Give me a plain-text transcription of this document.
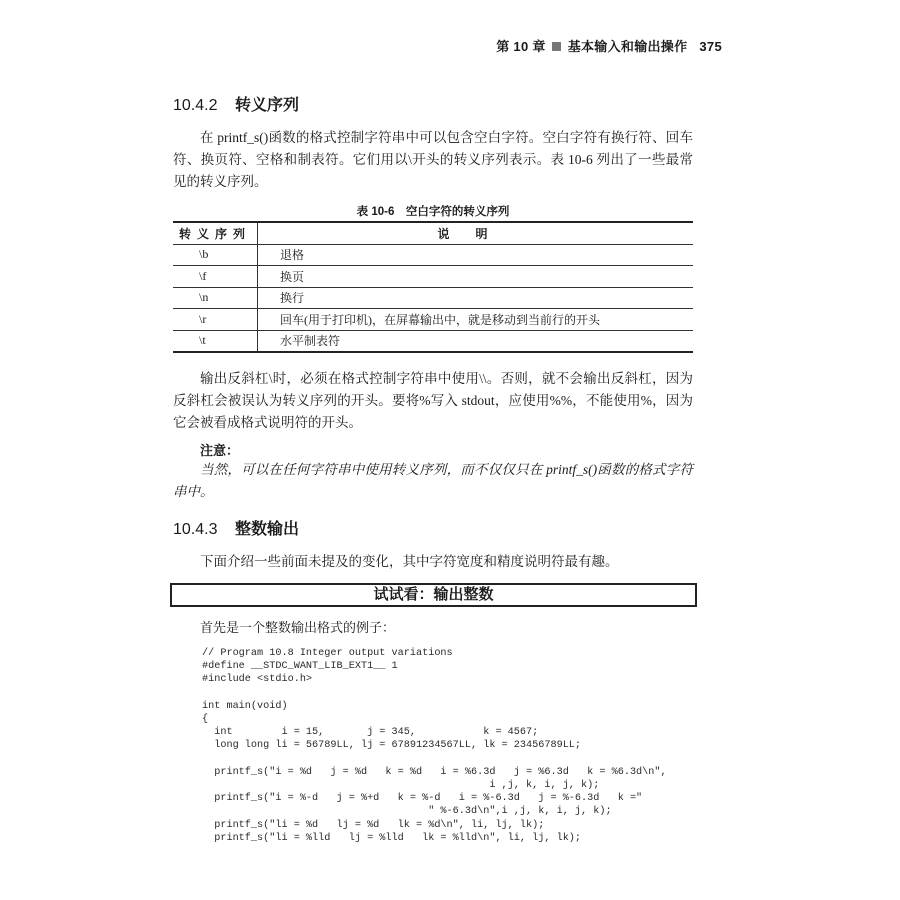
第 10 章 基本输入和输出操作 375
10.4.2 转义序列
在 printf_s()函数的格式控制字符串中可以包含空白字符。空白字符有换行符、回车符、换页符、空格和制表符。它们用以\开头的转义序列表示。表 10-6 列出了一些最常见的转义序列。
表 10-6　空白字符的转义序列
转义序列	说明
\b	退格
\f	换页
\n	换行
\r	回车(用于打印机)，在屏幕输出中，就是移动到当前行的开头
\t	水平制表符
输出反斜杠\时，必须在格式控制字符串中使用\\。否则，就不会输出反斜杠，因为反斜杠会被误认为转义序列的开头。要将%写入 stdout，应使用%%，不能使用%，因为它会被看成格式说明符的开头。
注意：
当然，可以在任何字符串中使用转义序列，而不仅仅只在 printf_s()函数的格式字符串中。
10.4.3 整数输出
下面介绍一些前面未提及的变化，其中字符宽度和精度说明符最有趣。
试试看：输出整数
首先是一个整数输出格式的例子：
// Program 10.8 Integer output variations
#define __STDC_WANT_LIB_EXT1__ 1
#include <stdio.h>

int main(void)
{
int        i = 15,       j = 345,           k = 4567;
long long li = 56789LL, lj = 67891234567LL, lk = 23456789LL;

printf_s("i = %d   j = %d   k = %d   i = %6.3d   j = %6.3d   k = %6.3d\n",
i ,j, k, i, j, k);
printf_s("i = %-d   j = %+d   k = %-d   i = %-6.3d   j = %-6.3d   k ="
" %-6.3d\n",i ,j, k, i, j, k);
printf_s("li = %d   lj = %d   lk = %d\n", li, lj, lk);
printf_s("li = %lld   lj = %lld   lk = %lld\n", li, lj, lk);
